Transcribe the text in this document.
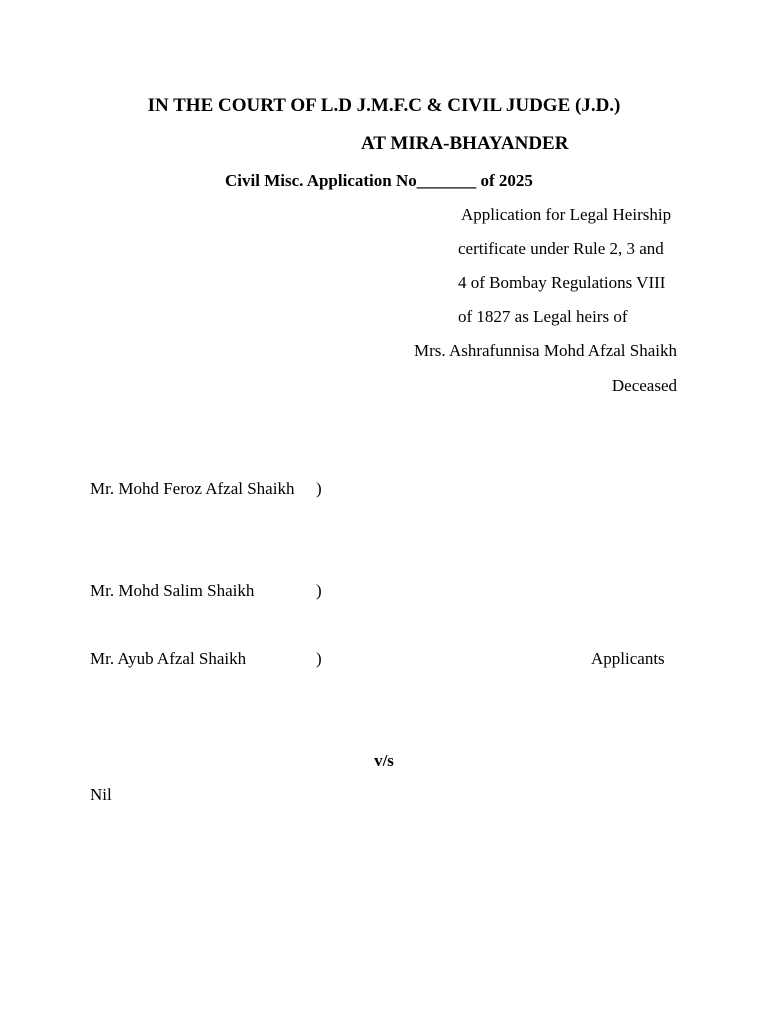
IN THE COURT OF L.D J.M.F.C & CIVIL JUDGE (J.D.)
AT MIRA-BHAYANDER
Civil Misc. Application No_______ of 2025
Application for Legal Heirship
certificate under Rule 2, 3 and
4 of Bombay Regulations VIII
of 1827 as Legal heirs of
Mrs. Ashrafunnisa Mohd Afzal Shaikh
Deceased
Mr. Mohd Feroz Afzal Shaikh )
Mr. Mohd Salim Shaikh	)
Mr. Ayub Afzal Shaikh	)	Applicants
v/s
Nil
